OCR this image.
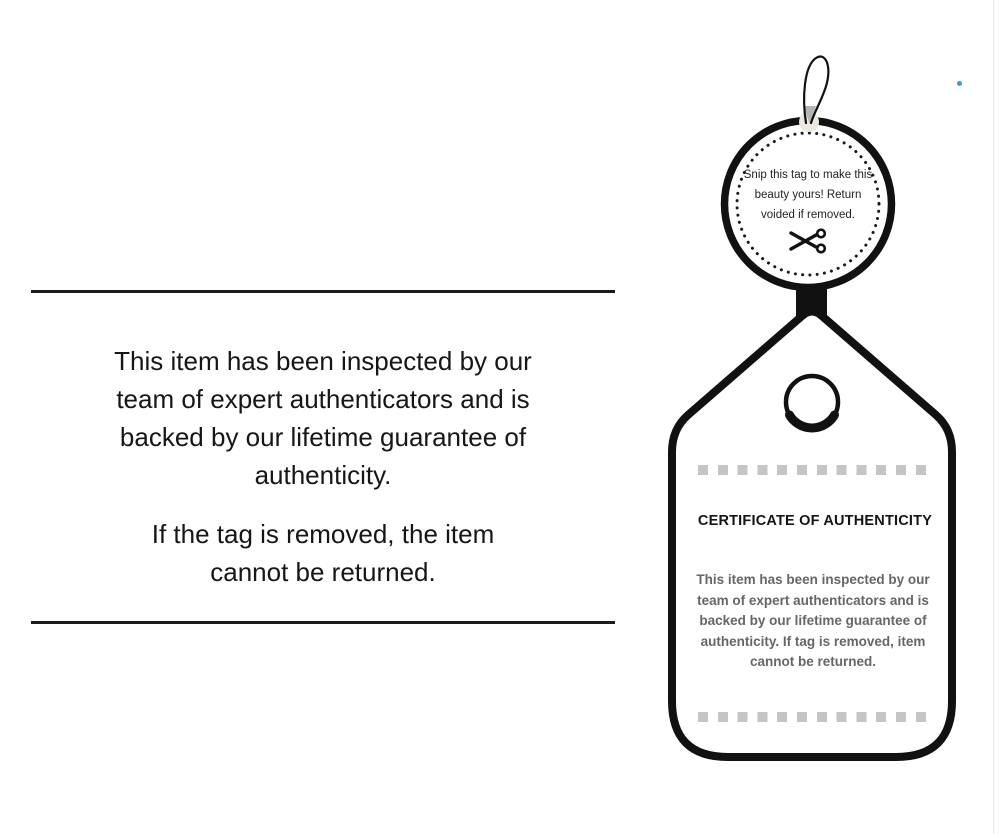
This item has been inspected by our
team of expert authenticators and is
backed by our lifetime guarantee of
authenticity.
If the tag is removed, the item
cannot be returned.
Snip this tag to make this
beauty yours! Return
voided if removed.
CERTIFICATE OF AUTHENTICITY
This item has been inspected by our
team of expert authenticators and is
backed by our lifetime guarantee of
authenticity. If tag is removed, item
cannot be returned.
